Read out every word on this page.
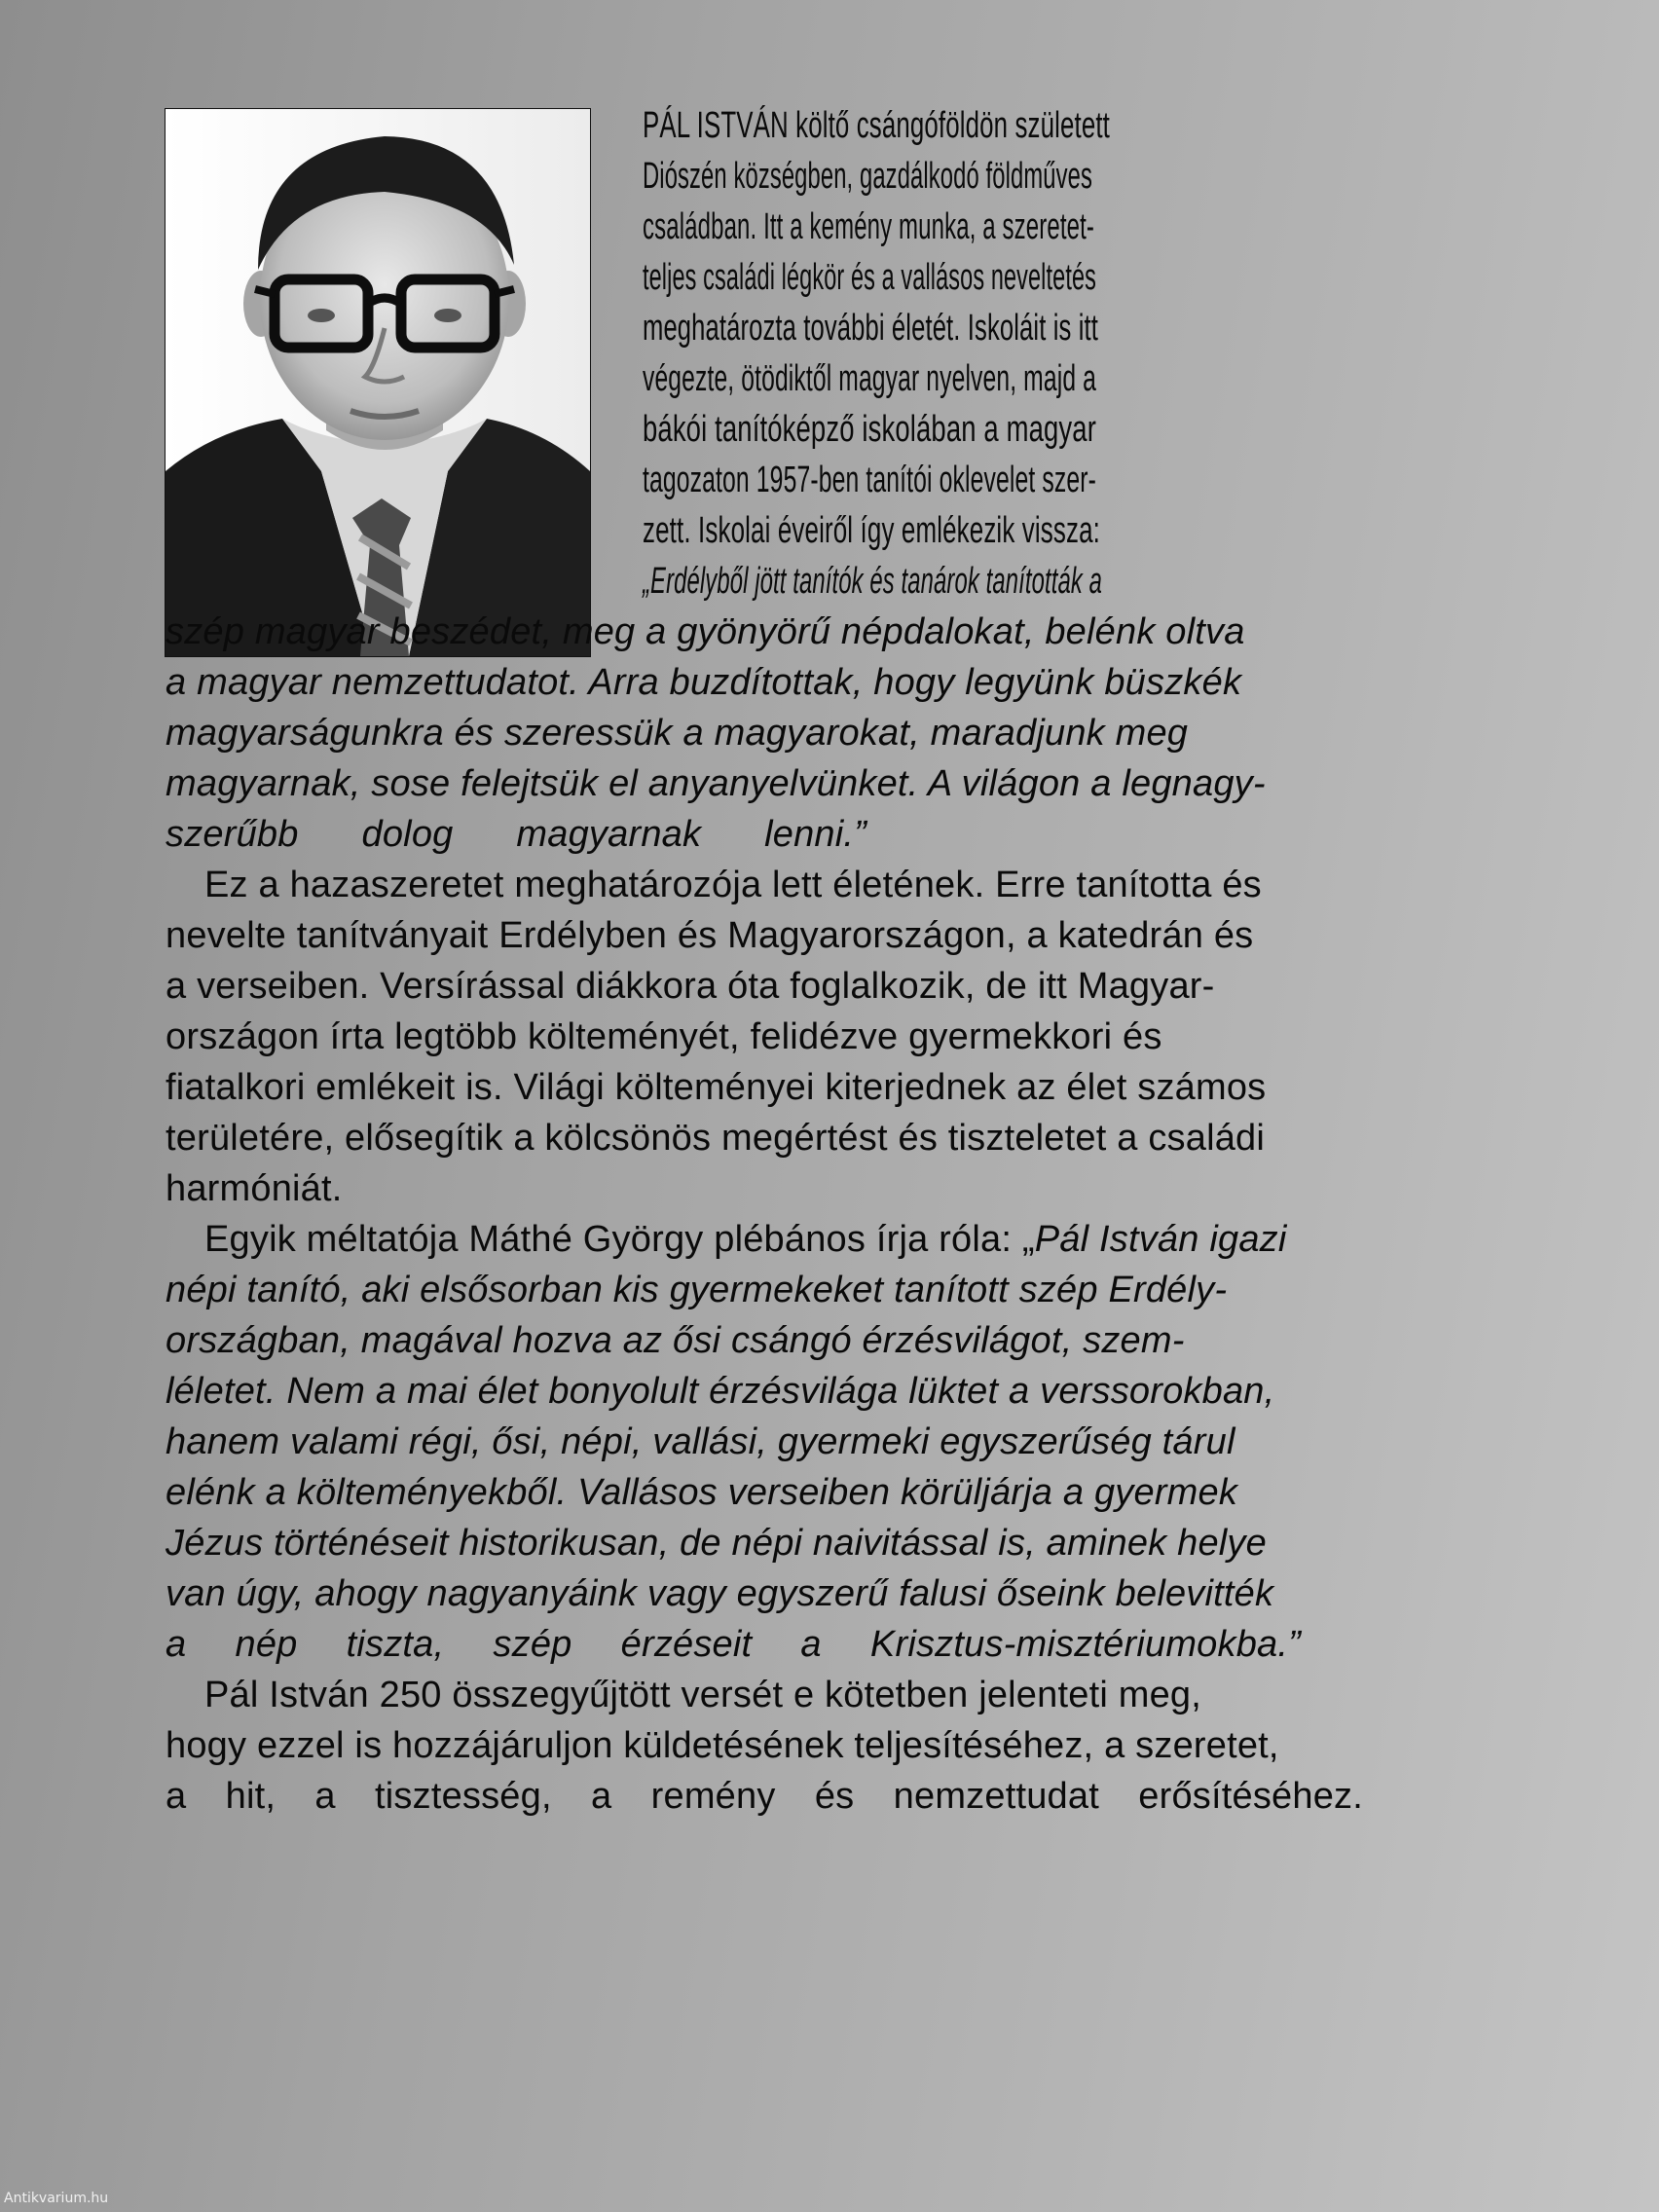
PÁL ISTVÁN költő csángóföldön született

Diószén községben, gazdálkodó földműves

családban. Itt a kemény munka, a szeretet-

teljes családi légkör és a vallásos neveltetés

meghatározta további életét. Iskoláit is itt

végezte, ötödiktől magyar nyelven, majd a

bákói tanítóképző iskolában a magyar

tagozaton 1957-ben tanítói oklevelet szer-

zett. Iskolai éveiről így emlékezik vissza:

„Erdélyből jött tanítók és tanárok tanították a

szép magyar beszédet, meg a gyönyörű népdalokat, belénk oltva

a magyar nemzettudatot. Arra buzdítottak, hogy legyünk büszkék

magyarságunkra és szeressük a magyarokat, maradjunk meg

magyarnak, sose felejtsük el anyanyelvünket. A világon a legnagy-

szerűbb dolog magyarnak lenni.”

Ez a hazaszeretet meghatározója lett életének. Erre tanította és

nevelte tanítványait Erdélyben és Magyarországon, a katedrán és

a verseiben. Versírással diákkora óta foglalkozik, de itt Magyar-

országon írta legtöbb költeményét, felidézve gyermekkori és

fiatalkori emlékeit is. Világi költeményei kiterjednek az élet számos

területére, elősegítik a kölcsönös megértést és tiszteletet a családi

harmóniát.

Egyik méltatója Máthé György plébános írja róla: „Pál István igazi

népi tanító, aki elsősorban kis gyermekeket tanított szép Erdély-

országban, magával hozva az ősi csángó érzésvilágot, szem-

léletet. Nem a mai élet bonyolult érzésvilága lüktet a verssorokban,

hanem valami régi, ősi, népi, vallási, gyermeki egyszerűség tárul

elénk a költeményekből. Vallásos verseiben körüljárja a gyermek

Jézus történéseit historikusan, de népi naivitással is, aminek helye

van úgy, ahogy nagyanyáink vagy egyszerű falusi őseink belevitték

a nép tiszta, szép érzéseit a Krisztus-misztériumokba.”

Pál István 250 összegyűjtött versét e kötetben jelenteti meg,

hogy ezzel is hozzájáruljon küldetésének teljesítéséhez, a szeretet,

a hit, a tisztesség, a remény és nemzettudat erősítéséhez.

Antikvarium.hu
